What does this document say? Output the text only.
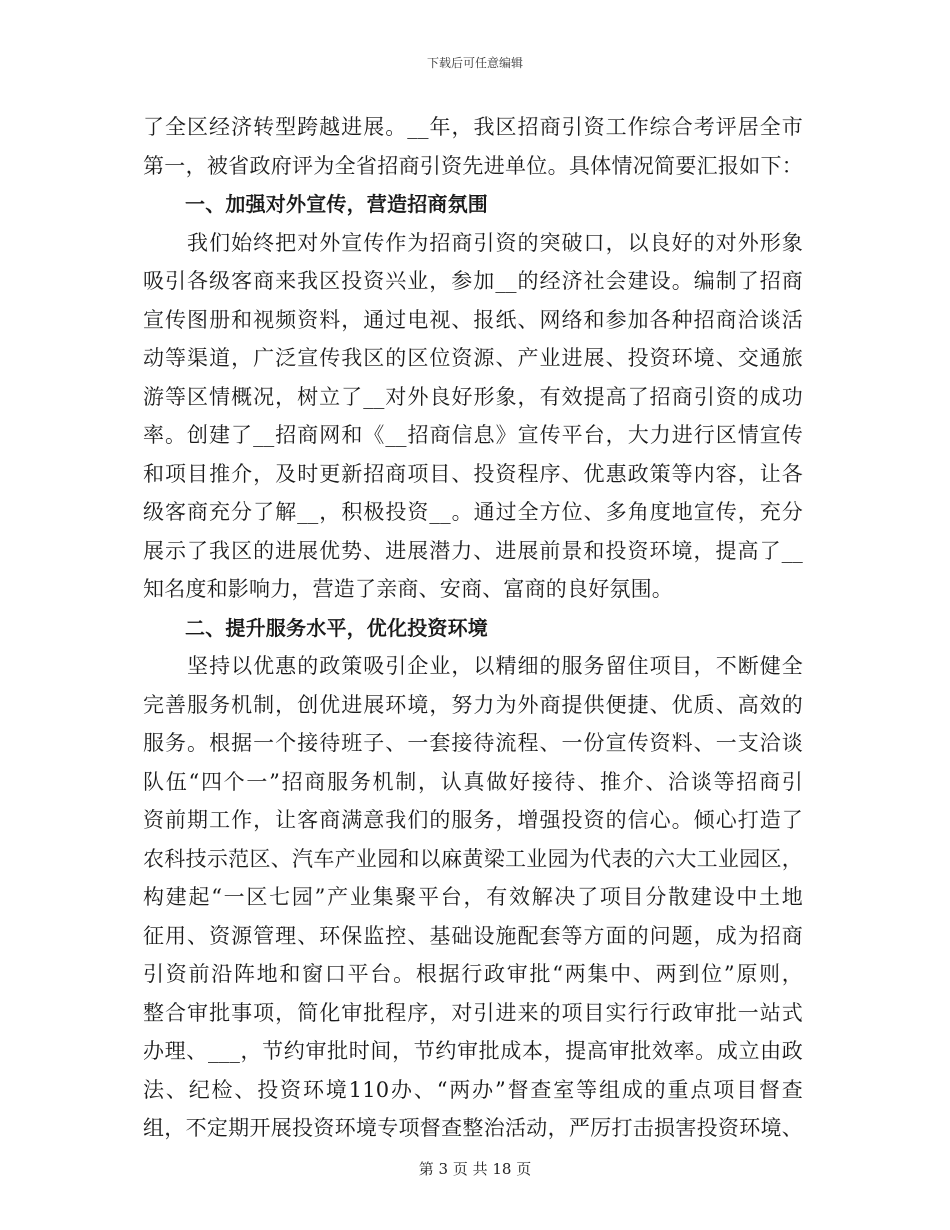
下载后可任意编辑
了全区经济转型跨越进展。__年，我区招商引资工作综合考评居全市
第一，被省政府评为全省招商引资先进单位。具体情况简要汇报如下：
一、加强对外宣传，营造招商氛围
　　我们始终把对外宣传作为招商引资的突破口，以良好的对外形象
吸引各级客商来我区投资兴业，参加__的经济社会建设。编制了招商
宣传图册和视频资料，通过电视、报纸、网络和参加各种招商洽谈活
动等渠道，广泛宣传我区的区位资源、产业进展、投资环境、交通旅
游等区情概况，树立了__对外良好形象，有效提高了招商引资的成功
率。创建了__招商网和《__招商信息》宣传平台，大力进行区情宣传
和项目推介，及时更新招商项目、投资程序、优惠政策等内容，让各
级客商充分了解__，积极投资__。通过全方位、多角度地宣传，充分
展示了我区的进展优势、进展潜力、进展前景和投资环境，提高了__
知名度和影响力，营造了亲商、安商、富商的良好氛围。
二、提升服务水平，优化投资环境
　　坚持以优惠的政策吸引企业，以精细的服务留住项目，不断健全
完善服务机制，创优进展环境，努力为外商提供便捷、优质、高效的
服务。根据一个接待班子、一套接待流程、一份宣传资料、一支洽谈
队伍“四个一”招商服务机制，认真做好接待、推介、洽谈等招商引
资前期工作，让客商满意我们的服务，增强投资的信心。倾心打造了
农科技示范区、汽车产业园和以麻黄梁工业园为代表的六大工业园区，
构建起“一区七园”产业集聚平台，有效解决了项目分散建设中土地
征用、资源管理、环保监控、基础设施配套等方面的问题，成为招商
引资前沿阵地和窗口平台。根据行政审批“两集中、两到位”原则，
整合审批事项，简化审批程序，对引进来的项目实行行政审批一站式
办理、___，节约审批时间，节约审批成本，提高审批效率。成立由政
法、纪检、投资环境110办、“两办”督查室等组成的重点项目督查
组，不定期开展投资环境专项督查整治活动，严厉打击损害投资环境、
第 3 页 共 18 页
